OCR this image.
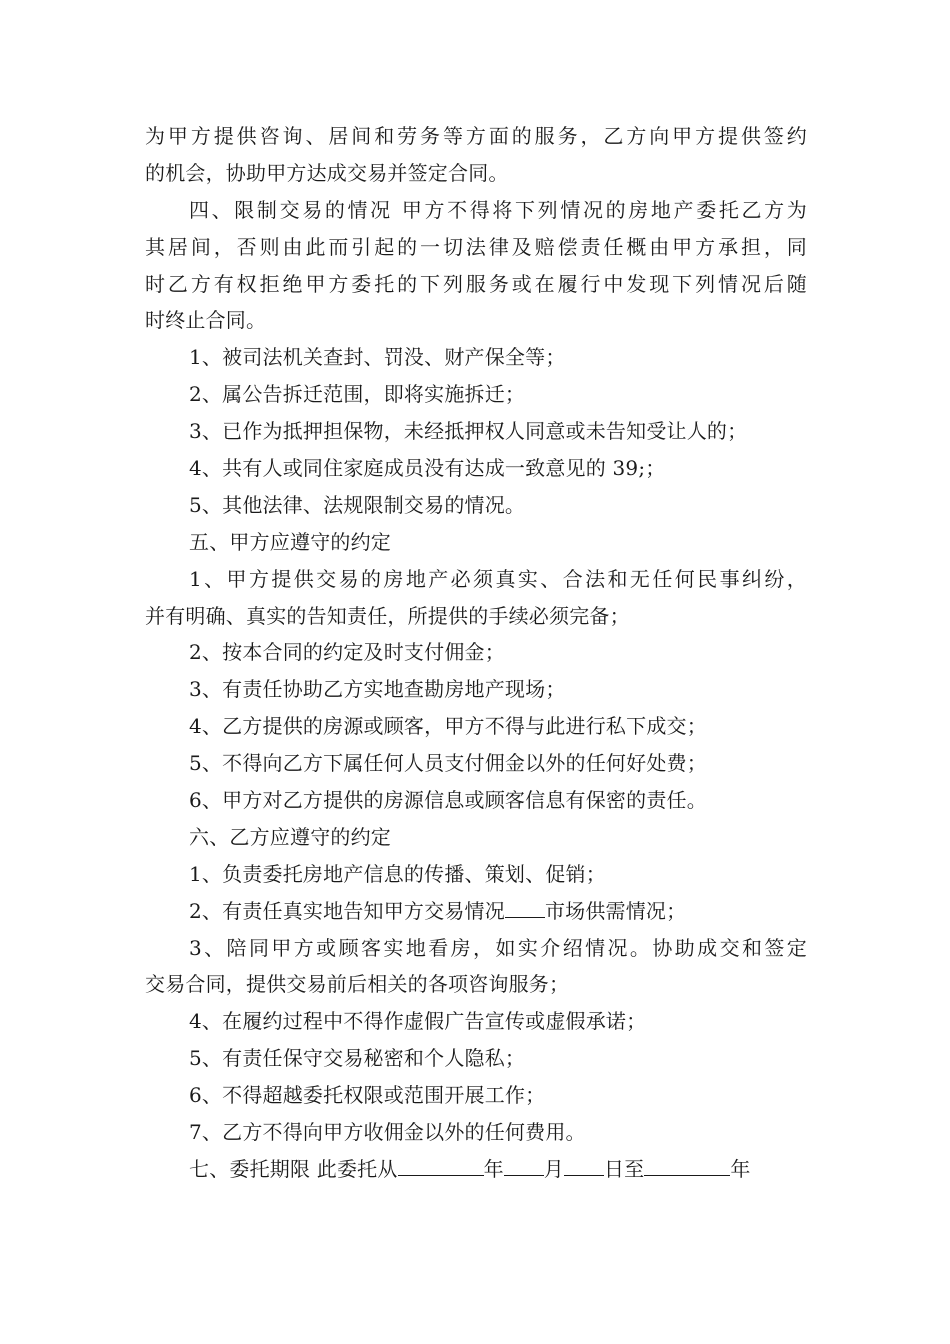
为甲方提供咨询、居间和劳务等方面的服务，乙方向甲方提供签约
的机会，协助甲方达成交易并签定合同。
四、限制交易的情况 甲方不得将下列情况的房地产委托乙方为
其居间，否则由此而引起的一切法律及赔偿责任概由甲方承担，同
时乙方有权拒绝甲方委托的下列服务或在履行中发现下列情况后随
时终止合同。
1、被司法机关查封、罚没、财产保全等；
2、属公告拆迁范围，即将实施拆迁；
3、已作为抵押担保物，未经抵押权人同意或未告知受让人的；
4、共有人或同住家庭成员没有达成一致意见的 39;；
5、其他法律、法规限制交易的情况。
五、甲方应遵守的约定
1、甲方提供交易的房地产必须真实、合法和无任何民事纠纷，
并有明确、真实的告知责任，所提供的手续必须完备；
2、按本合同的约定及时支付佣金；
3、有责任协助乙方实地查勘房地产现场；
4、乙方提供的房源或顾客，甲方不得与此进行私下成交；
5、不得向乙方下属任何人员支付佣金以外的任何好处费；
6、甲方对乙方提供的房源信息或顾客信息有保密的责任。
六、乙方应遵守的约定
1、负责委托房地产信息的传播、策划、促销；
2、有责任真实地告知甲方交易情况 市场供需情况；
3、陪同甲方或顾客实地看房，如实介绍情况。协助成交和签定
交易合同，提供交易前后相关的各项咨询服务；
4、在履约过程中不得作虚假广告宣传或虚假承诺；
5、有责任保守交易秘密和个人隐私；
6、不得超越委托权限或范围开展工作；
7、乙方不得向甲方收佣金以外的任何费用。
七、委托期限 此委托从	年 月 日至	年
